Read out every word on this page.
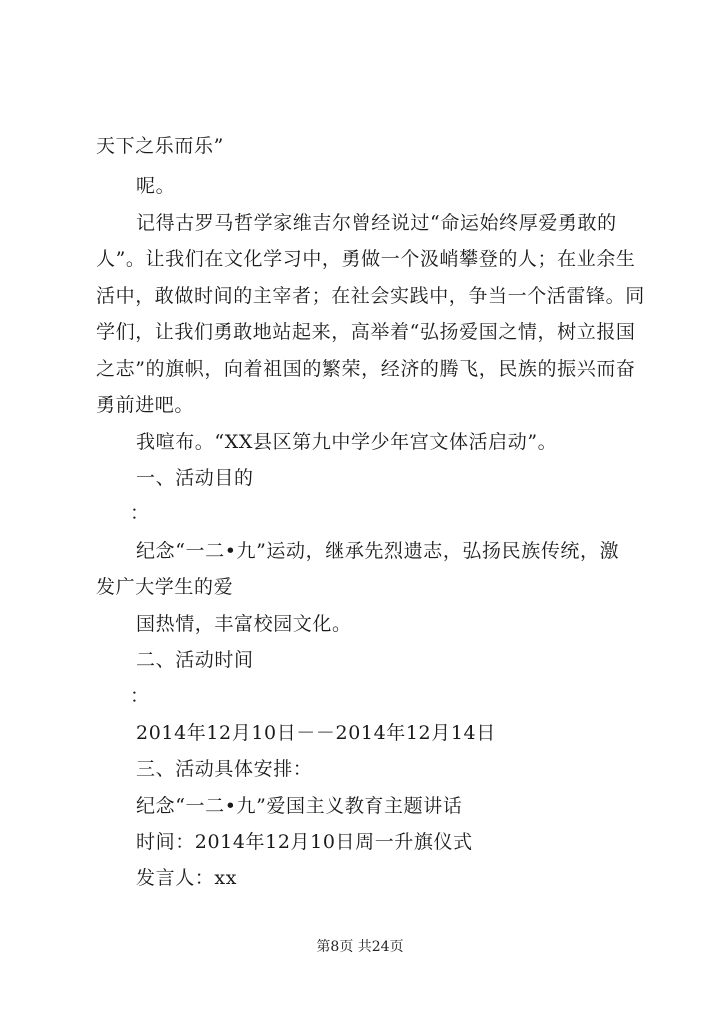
天下之乐而乐”
呢。
记得古罗马哲学家维吉尔曾经说过“命运始终厚爱勇敢的
人”。让我们在文化学习中，勇做一个汲峭攀登的人；在业余生
活中，敢做时间的主宰者；在社会实践中，争当一个活雷锋。同
学们，让我们勇敢地站起来，高举着“弘扬爱国之情，树立报国
之志”的旗帜，向着祖国的繁荣，经济的腾飞，民族的振兴而奋
勇前进吧。
我喧布。“XX县区第九中学少年宫文体活启动”。
一、活动目的
：
纪念“一二•九”运动，继承先烈遗志，弘扬民族传统，激
发广大学生的爱
国热情，丰富校园文化。
二、活动时间
：
2014年12月10日－－2014年12月14日
三、活动具体安排：
纪念“一二•九”爱国主义教育主题讲话
时间：2014年12月10日周一升旗仪式
发言人：xx
第8页 共24页
